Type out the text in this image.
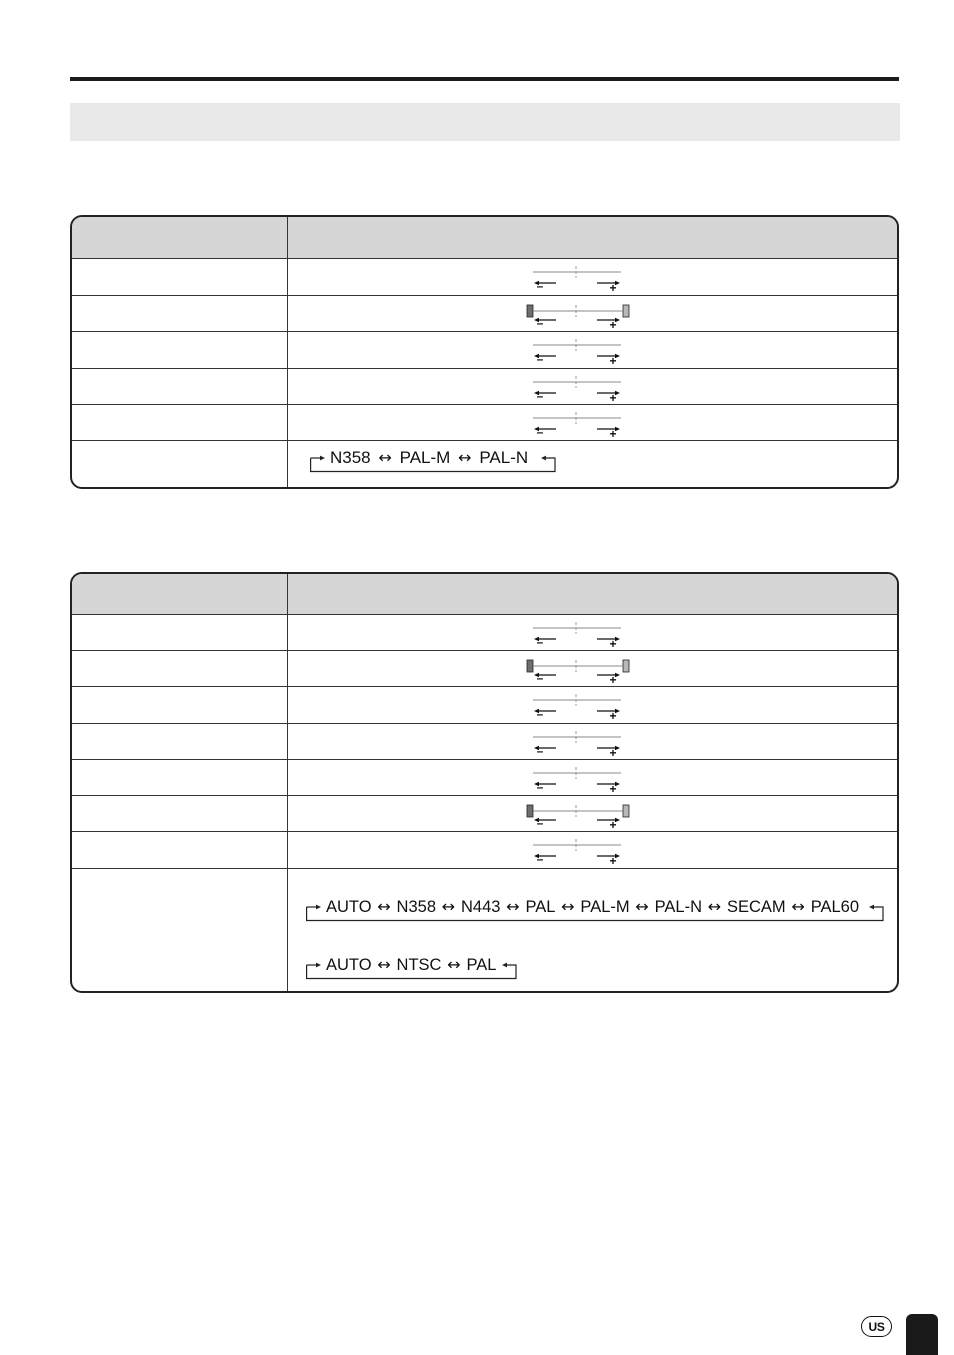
–	+
–	+
–	+
–	+
–	+
N358 ↔ PAL-M ↔ PAL-N
–	+
–	+
–	+
–	+
–	+
–	+
–	+
AUTO ↔ N358 ↔ N443 ↔ PAL ↔ PAL-M ↔ PAL-N ↔ SECAM ↔ PAL60
AUTO ↔ NTSC ↔ PAL
US
